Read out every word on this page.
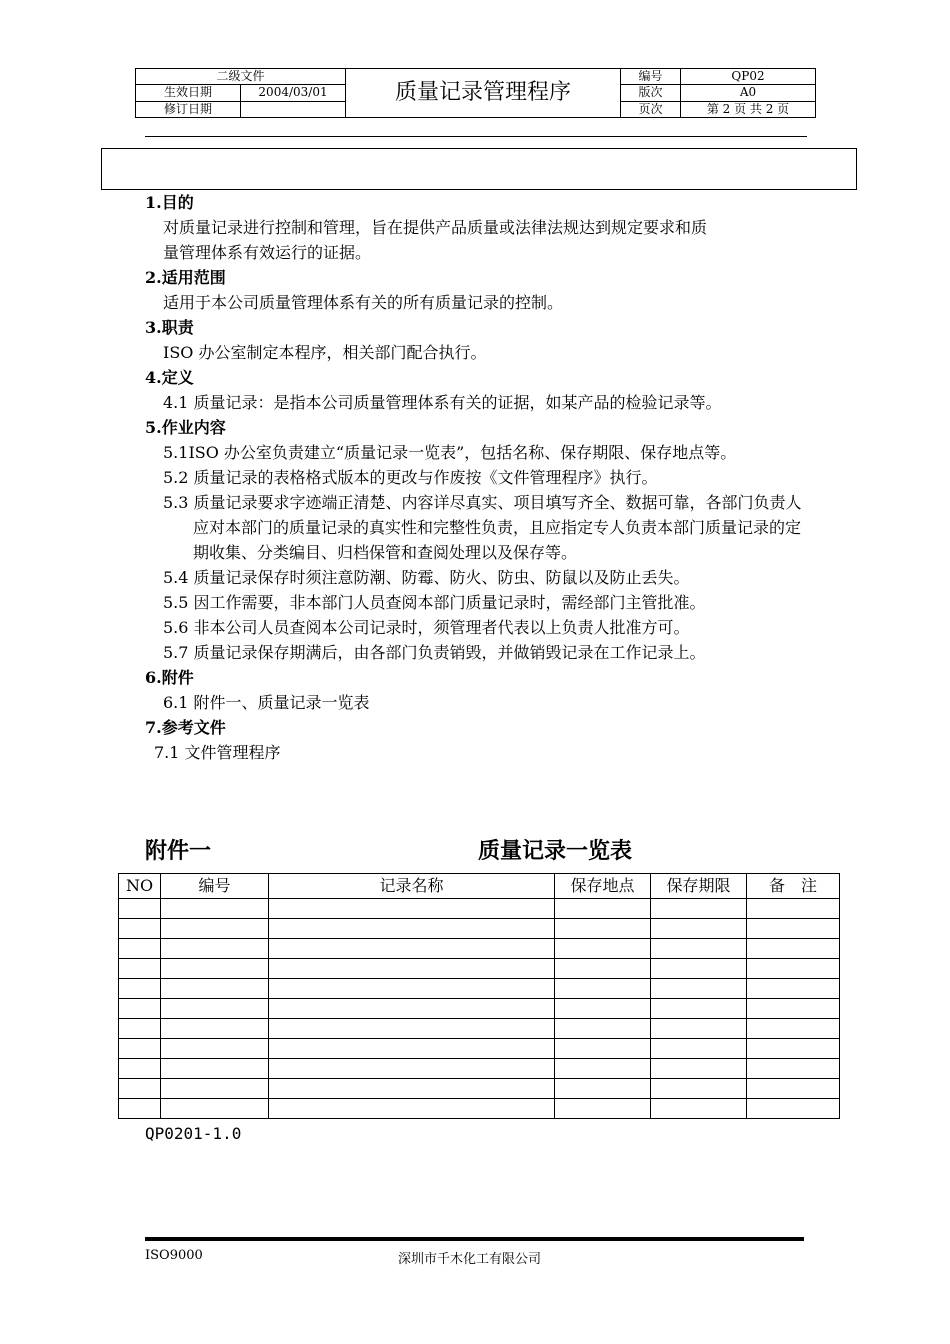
二级文件		质量记录管理程序	编号	QP02
生效日期	2004/03/01		版次	A0
修订日期			页次	第 2 页 共 2 页
1.目的
对质量记录进行控制和管理，旨在提供产品质量或法律法规达到规定要求和质
量管理体系有效运行的证据。
2.适用范围
适用于本公司质量管理体系有关的所有质量记录的控制。
3.职责
ISO 办公室制定本程序，相关部门配合执行。
4.定义
4.1 质量记录：是指本公司质量管理体系有关的证据，如某产品的检验记录等。
5.作业内容
5.1ISO 办公室负责建立“质量记录一览表”，包括名称、保存期限、保存地点等。
5.2 质量记录的表格格式版本的更改与作废按《文件管理程序》执行。
5.3 质量记录要求字迹端正清楚、内容详尽真实、项目填写齐全、数据可靠，各部门负责人应对本部门的质量记录的真实性和完整性负责，且应指定专人负责本部门质量记录的定期收集、分类编目、归档保管和查阅处理以及保存等。
5.4 质量记录保存时须注意防潮、防霉、防火、防虫、防鼠以及防止丢失。
5.5 因工作需要，非本部门人员查阅本部门质量记录时，需经部门主管批准。
5.6 非本公司人员查阅本公司记录时，须管理者代表以上负责人批准方可。
5.7 质量记录保存期满后，由各部门负责销毁，并做销毁记录在工作记录上。
6.附件
6.1 附件一、质量记录一览表
7.参考文件
7.1 文件管理程序
附件一	质量记录一览表
NO	编号	记录名称	保存地点	保存期限	备　注

QP0201-1.0
ISO9000	深圳市千木化工有限公司
